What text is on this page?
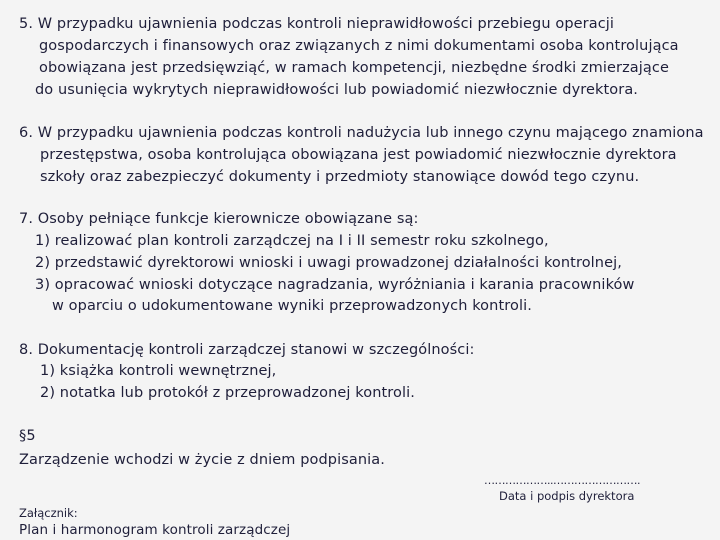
5. W przypadku ujawnienia podczas kontroli nieprawidłowości przebiegu operacji
gospodarczych i finansowych oraz związanych z nimi dokumentami osoba kontrolująca
obowiązana jest przedsięwziąć, w ramach kompetencji, niezbędne środki zmierzające
do usunięcia wykrytych nieprawidłowości lub powiadomić niezwłocznie dyrektora.
6. W przypadku ujawnienia podczas kontroli nadużycia lub innego czynu mającego znamiona
przestępstwa, osoba kontrolująca obowiązana jest powiadomić niezwłocznie dyrektora
szkoły oraz zabezpieczyć dokumenty i przedmioty stanowiące dowód tego czynu.
7. Osoby pełniące funkcje kierownicze obowiązane są:
1) realizować plan kontroli zarządczej na I i II semestr roku szkolnego,
2) przedstawić dyrektorowi wnioski i uwagi prowadzonej działalności kontrolnej,
3) opracować wnioski dotyczące nagradzania, wyróżniania i karania pracowników
w oparciu o udokumentowane wyniki przeprowadzonych kontroli.
8. Dokumentację kontroli zarządczej stanowi w szczególności:
1) książka kontroli wewnętrznej,
2) notatka lub protokół z przeprowadzonej kontroli.
§5
Zarządzenie wchodzi w życie z dniem podpisania.
………………..…………………….
Data i podpis dyrektora
Załącznik:
Plan i harmonogram kontroli zarządczej
